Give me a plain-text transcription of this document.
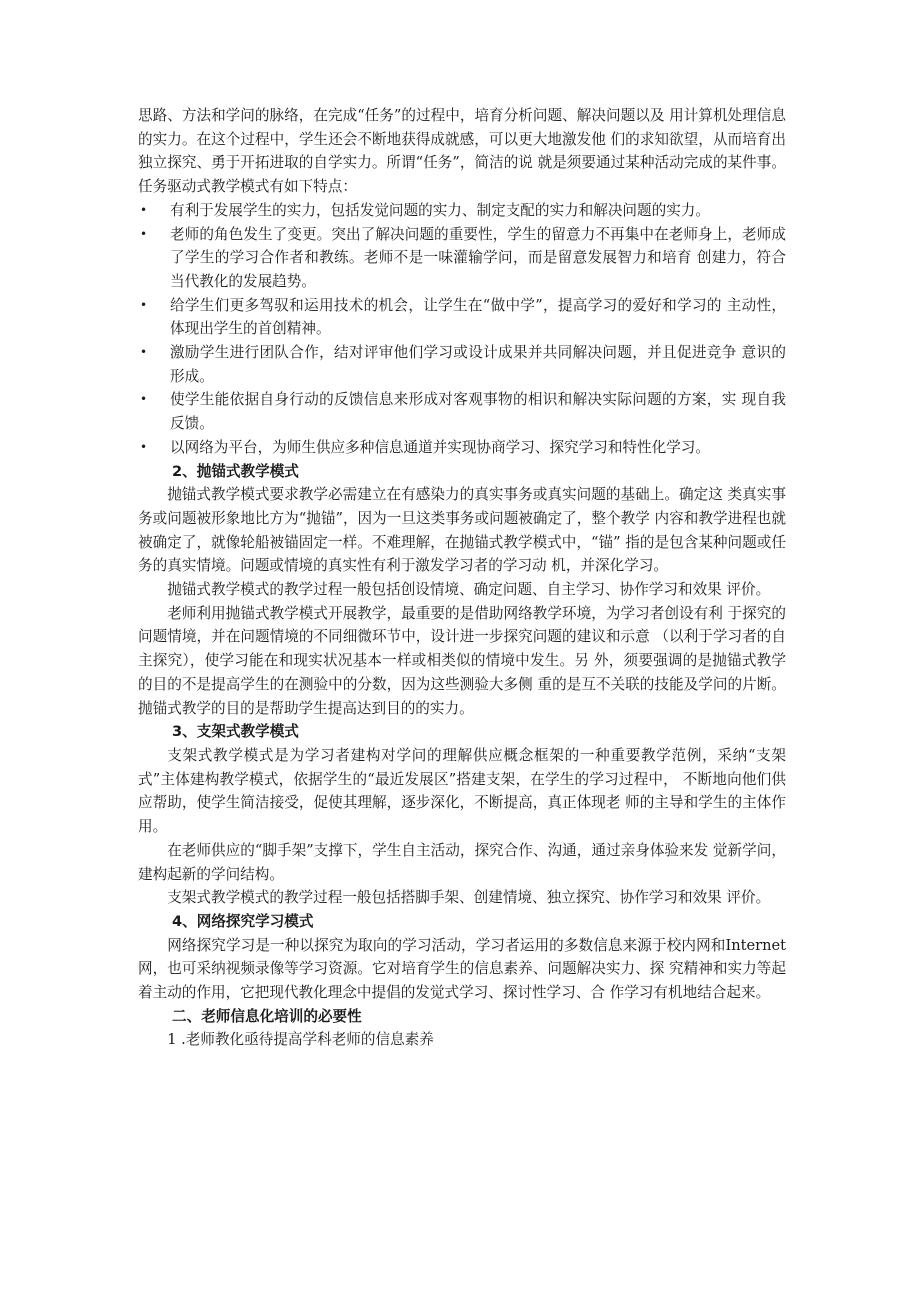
思路、方法和学问的脉络，在完成“任务”的过程中，培育分析问题、解决问题以及 用计算机处理信息的实力。在这个过程中，学生还会不断地获得成就感，可以更大地激发他 们的求知欲望，从而培育出独立探究、勇于开拓进取的自学实力。所谓“任务”，简洁的说 就是须要通过某种活动完成的某件事。任务驱动式教学模式有如下特点：

• 有利于发展学生的实力，包括发觉问题的实力、制定支配的实力和解决问题的实力。
• 老师的角色发生了变更。突出了解决问题的重要性，学生的留意力不再集中在老师身上，老师成了学生的学习合作者和教练。老师不是一味灌输学问，而是留意发展智力和培育 创建力，符合当代教化的发展趋势。
• 给学生们更多驾驭和运用技术的机会，让学生在“做中学”，提高学习的爱好和学习的 主动性，体现出学生的首创精神。
• 激励学生进行团队合作，结对评审他们学习或设计成果并共同解决问题，并且促进竞争 意识的形成。
• 使学生能依据自身行动的反馈信息来形成对客观事物的相识和解决实际问题的方案，实 现自我反馈。
• 以网络为平台，为师生供应多种信息通道并实现协商学习、探究学习和特性化学习。
2、抛锚式教学模式

抛锚式教学模式要求教学必需建立在有感染力的真实事务或真实问题的基础上。确定这 类真实事务或问题被形象地比方为“抛锚”，因为一旦这类事务或问题被确定了，整个教学 内容和教学进程也就被确定了，就像轮船被锚固定一样。不难理解，在抛锚式教学模式中，“锚” 指的是包含某种问题或任务的真实情境。问题或情境的真实性有利于激发学习者的学习动 机，并深化学习。

抛锚式教学模式的教学过程一般包括创设情境、确定问题、自主学习、协作学习和效果 评价。

老师利用抛锚式教学模式开展教学，最重要的是借助网络教学环境，为学习者创设有利 于探究的问题情境，并在问题情境的不同细微环节中，设计进一步探究问题的建议和示意 （以利于学习者的自主探究），使学习能在和现实状况基本一样或相类似的情境中发生。另 外，须要强调的是抛锚式教学的目的不是提高学生的在测验中的分数，因为这些测验大多侧 重的是互不关联的技能及学问的片断。抛锚式教学的目的是帮助学生提高达到目的的实力。

3、支架式教学模式

支架式教学模式是为学习者建构对学问的理解供应概念框架的一种重要教学范例，采纳“支架式”主体建构教学模式，依据学生的“最近发展区”搭建支架，在学生的学习过程中， 不断地向他们供应帮助，使学生简洁接受，促使其理解，逐步深化，不断提高，真正体现老 师的主导和学生的主体作用。

在老师供应的“脚手架”支撑下，学生自主活动，探究合作、沟通，通过亲身体验来发 觉新学问，建构起新的学问结构。

支架式教学模式的教学过程一般包括搭脚手架、创建情境、独立探究、协作学习和效果 评价。

4、网络探究学习模式

网络探究学习是一种以探究为取向的学习活动，学习者运用的多数信息来源于校内网和Internet网，也可采纳视频录像等学习资源。它对培育学生的信息素养、问题解决实力、探 究精神和实力等起着主动的作用，它把现代教化理念中提倡的发觉式学习、探讨性学习、合 作学习有机地结合起来。

二、老师信息化培训的必要性

1 .老师教化亟待提高学科老师的信息素养
